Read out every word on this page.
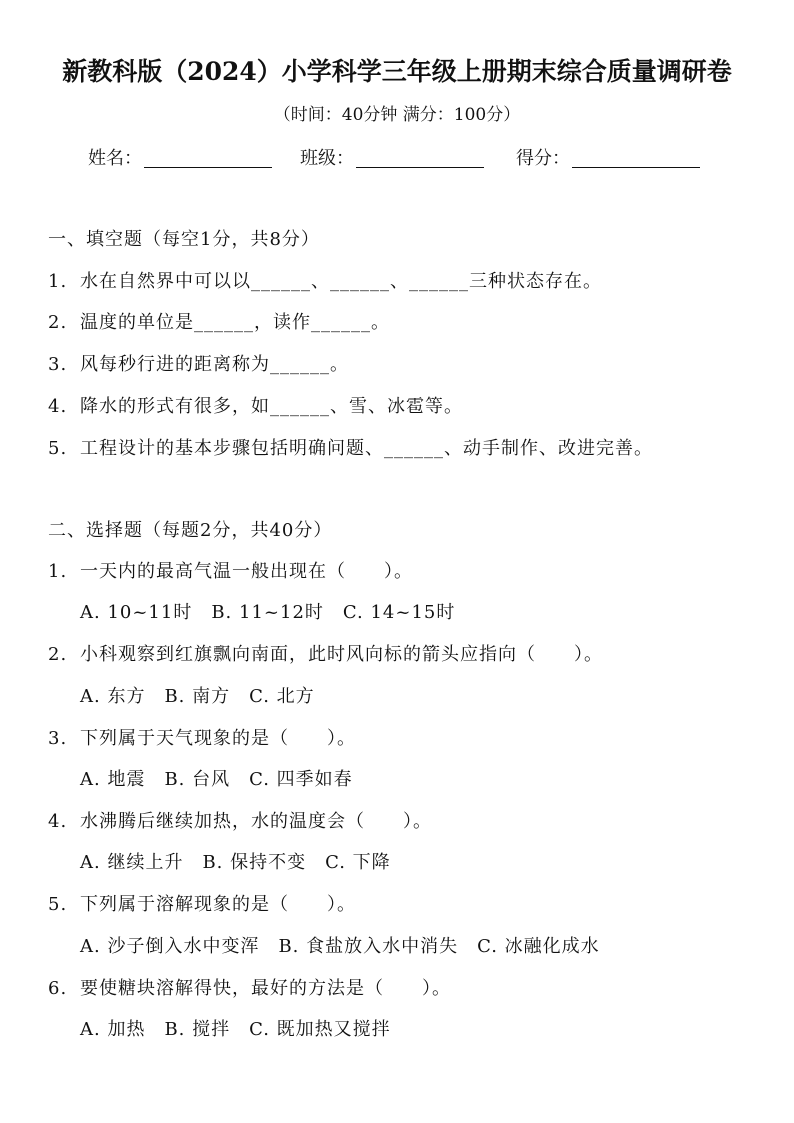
新教科版（2024）小学科学三年级上册期末综合质量调研卷
（时间：40分钟 满分：100分）
姓名：	班级：	得分：
一、填空题（每空1分，共8分）
1. 水在自然界中可以以______、______、______三种状态存在。
2. 温度的单位是______，读作______。
3. 风每秒行进的距离称为______。
4. 降水的形式有很多，如______、雪、冰雹等。
5. 工程设计的基本步骤包括明确问题、______、动手制作、改进完善。
二、选择题（每题2分，共40分）
1. 一天内的最高气温一般出现在（　　）。
A. 10~11时　B. 11~12时　C. 14~15时
2. 小科观察到红旗飘向南面，此时风向标的箭头应指向（　　）。
A. 东方　B. 南方　C. 北方
3. 下列属于天气现象的是（　　）。
A. 地震　B. 台风　C. 四季如春
4. 水沸腾后继续加热，水的温度会（　　）。
A. 继续上升　B. 保持不变　C. 下降
5. 下列属于溶解现象的是（　　）。
A. 沙子倒入水中变浑　B. 食盐放入水中消失　C. 冰融化成水
6. 要使糖块溶解得快，最好的方法是（　　）。
A. 加热　B. 搅拌　C. 既加热又搅拌
